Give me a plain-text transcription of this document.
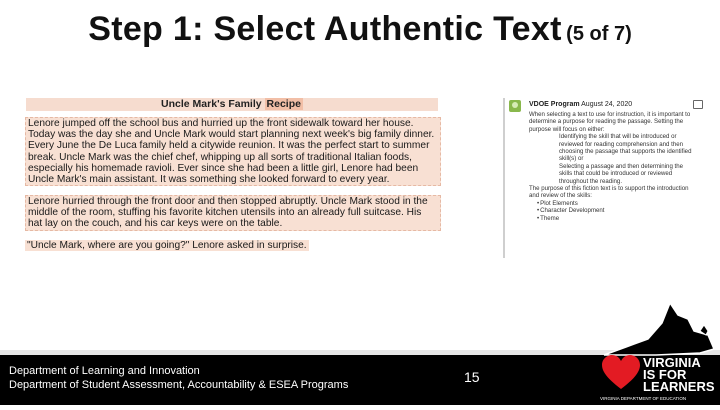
Step 1: Select Authentic Text (5 of 7)
Uncle Mark's Family Recipe
Lenore jumped off the school bus and hurried up the front sidewalk toward her house. Today was the day she and Uncle Mark would start planning next week's big family dinner. Every June the De Luca family held a citywide reunion. It was the perfect start to summer break. Uncle Mark was the chief chef, whipping up all sorts of traditional Italian foods, especially his homemade ravioli. Ever since she had been a little girl, Lenore had been Uncle Mark's main assistant. It was something she looked forward to every year.
Lenore hurried through the front door and then stopped abruptly. Uncle Mark stood in the middle of the room, stuffing his favorite kitchen utensils into an already full suitcase. His hat lay on the couch, and his car keys were on the table.
"Uncle Mark, where are you going?" Lenore asked in surprise.
VDOE Program August 24, 2020
When selecting a text to use for instruction, it is important to determine a purpose for reading the passage. Setting the purpose will focus on either:
Identifying the skill that will be introduced or reviewed for reading comprehension and then choosing the passage that supports the identified skill(s) or
Selecting a passage and then determining the skills that could be introduced or reviewed throughout the reading.
The purpose of this fiction text is to support the introduction and review of the skills:
• Plot Elements
• Character Development
• Theme
Department of Learning and Innovation
Department of Student Assessment, Accountability & ESEA Programs	15
VIRGINIA
IS FOR
LEARNERS
VIRGINIA DEPARTMENT OF EDUCATION
